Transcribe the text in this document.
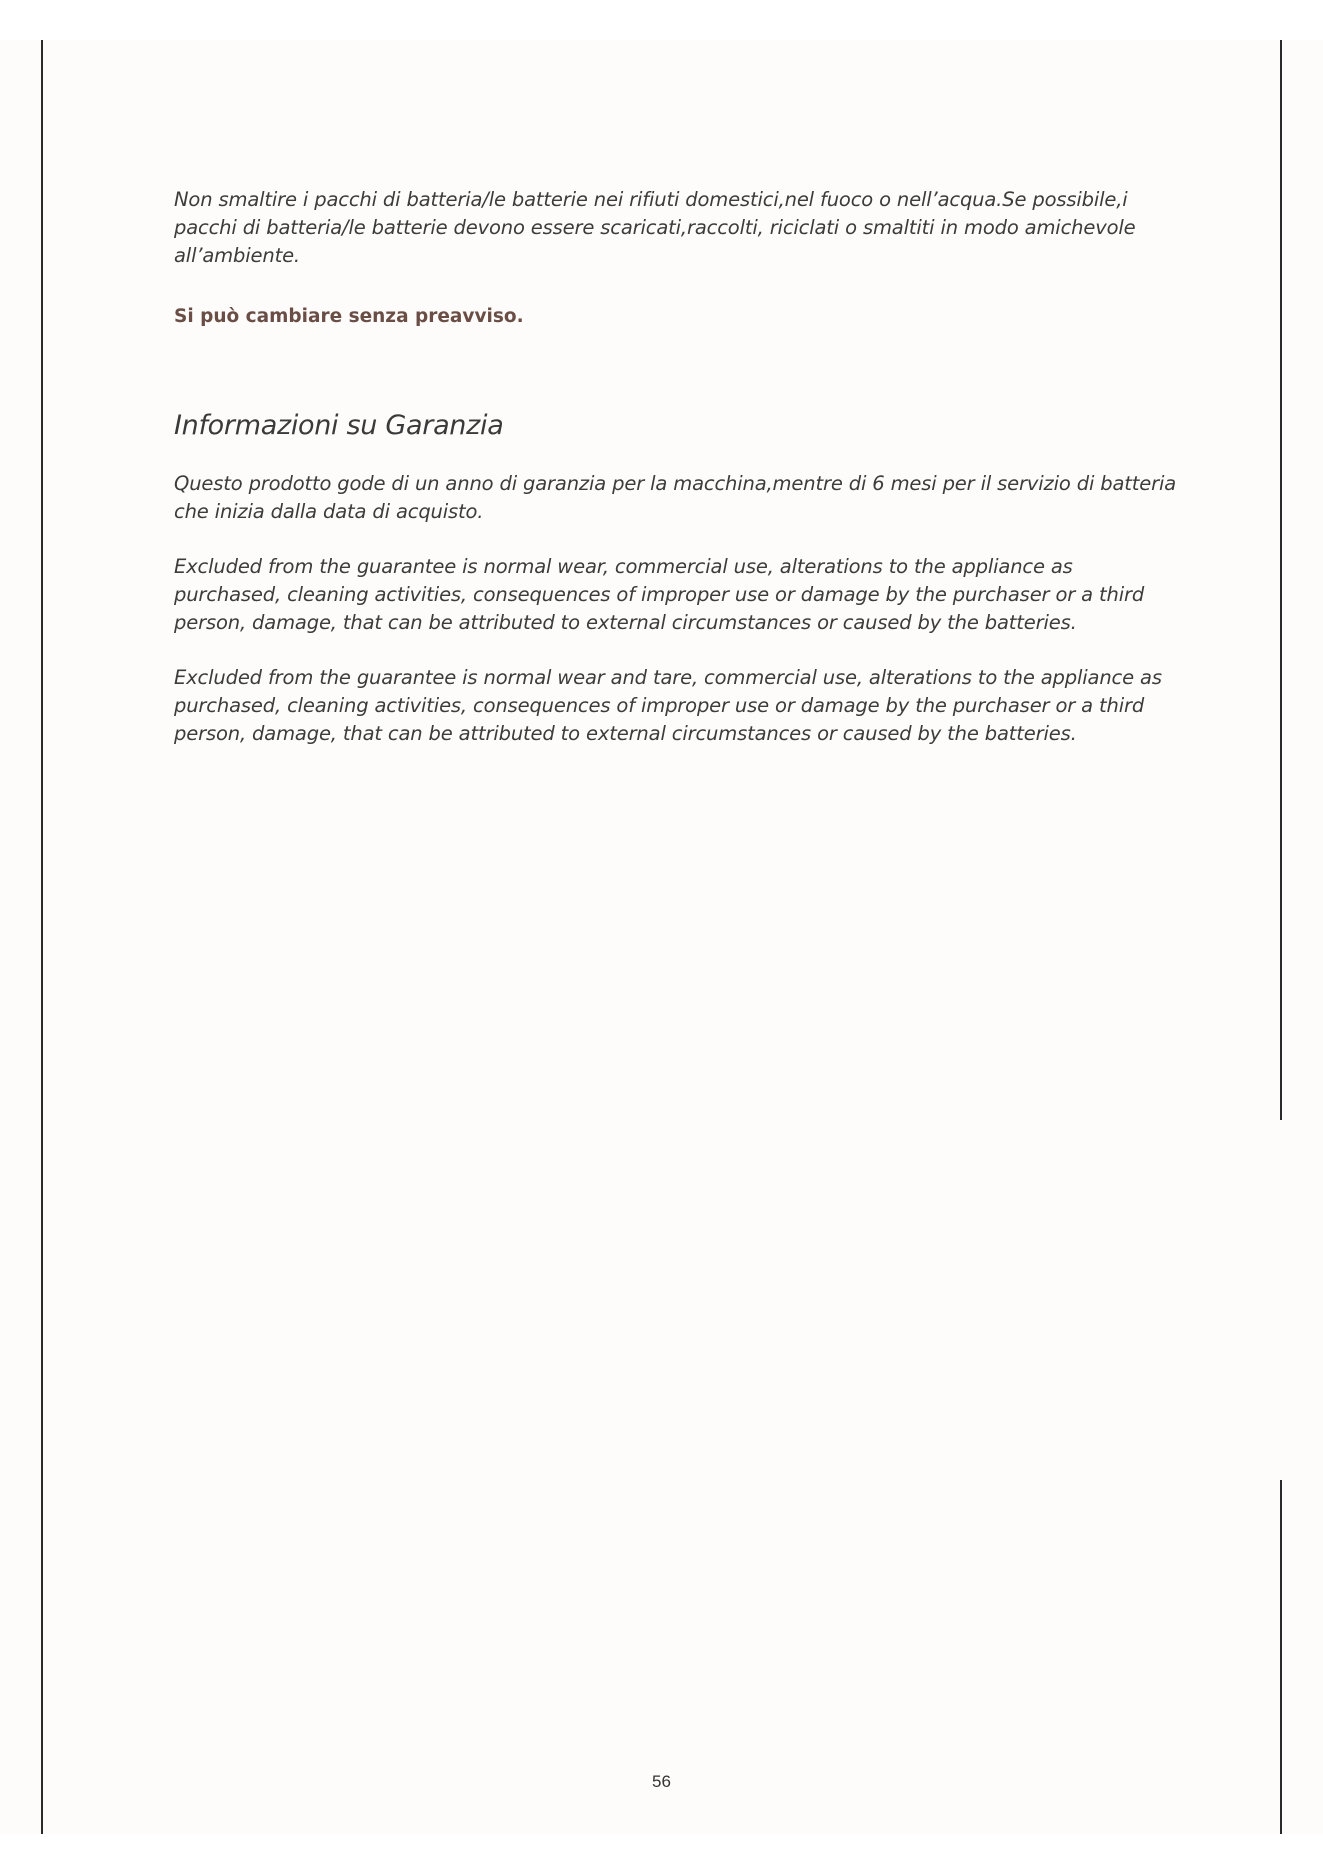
Non smaltire i pacchi di batteria/le batterie nei rifiuti domestici,nel fuoco o nell’acqua.Se possibile,i pacchi di batteria/le batterie devono essere scaricati,raccolti, riciclati o smaltiti in modo amichevole all’ambiente.

Si può cambiare senza preavviso.

Informazioni su Garanzia

Questo prodotto gode di un anno di garanzia per la macchina,mentre di 6 mesi per il servizio di batteria che inizia dalla data di acquisto.

Excluded from the guarantee is normal wear, commercial use, alterations to the appliance as purchased, cleaning activities, consequences of improper use or damage by the purchaser or a third person, damage, that can be attributed to external circumstances or caused by the batteries.

Excluded from the guarantee is normal wear and tare, commercial use, alterations to the appliance as purchased, cleaning activities, consequences of improper use or damage by the purchaser or a third person, damage, that can be attributed to external circumstances or caused by the batteries.

56
